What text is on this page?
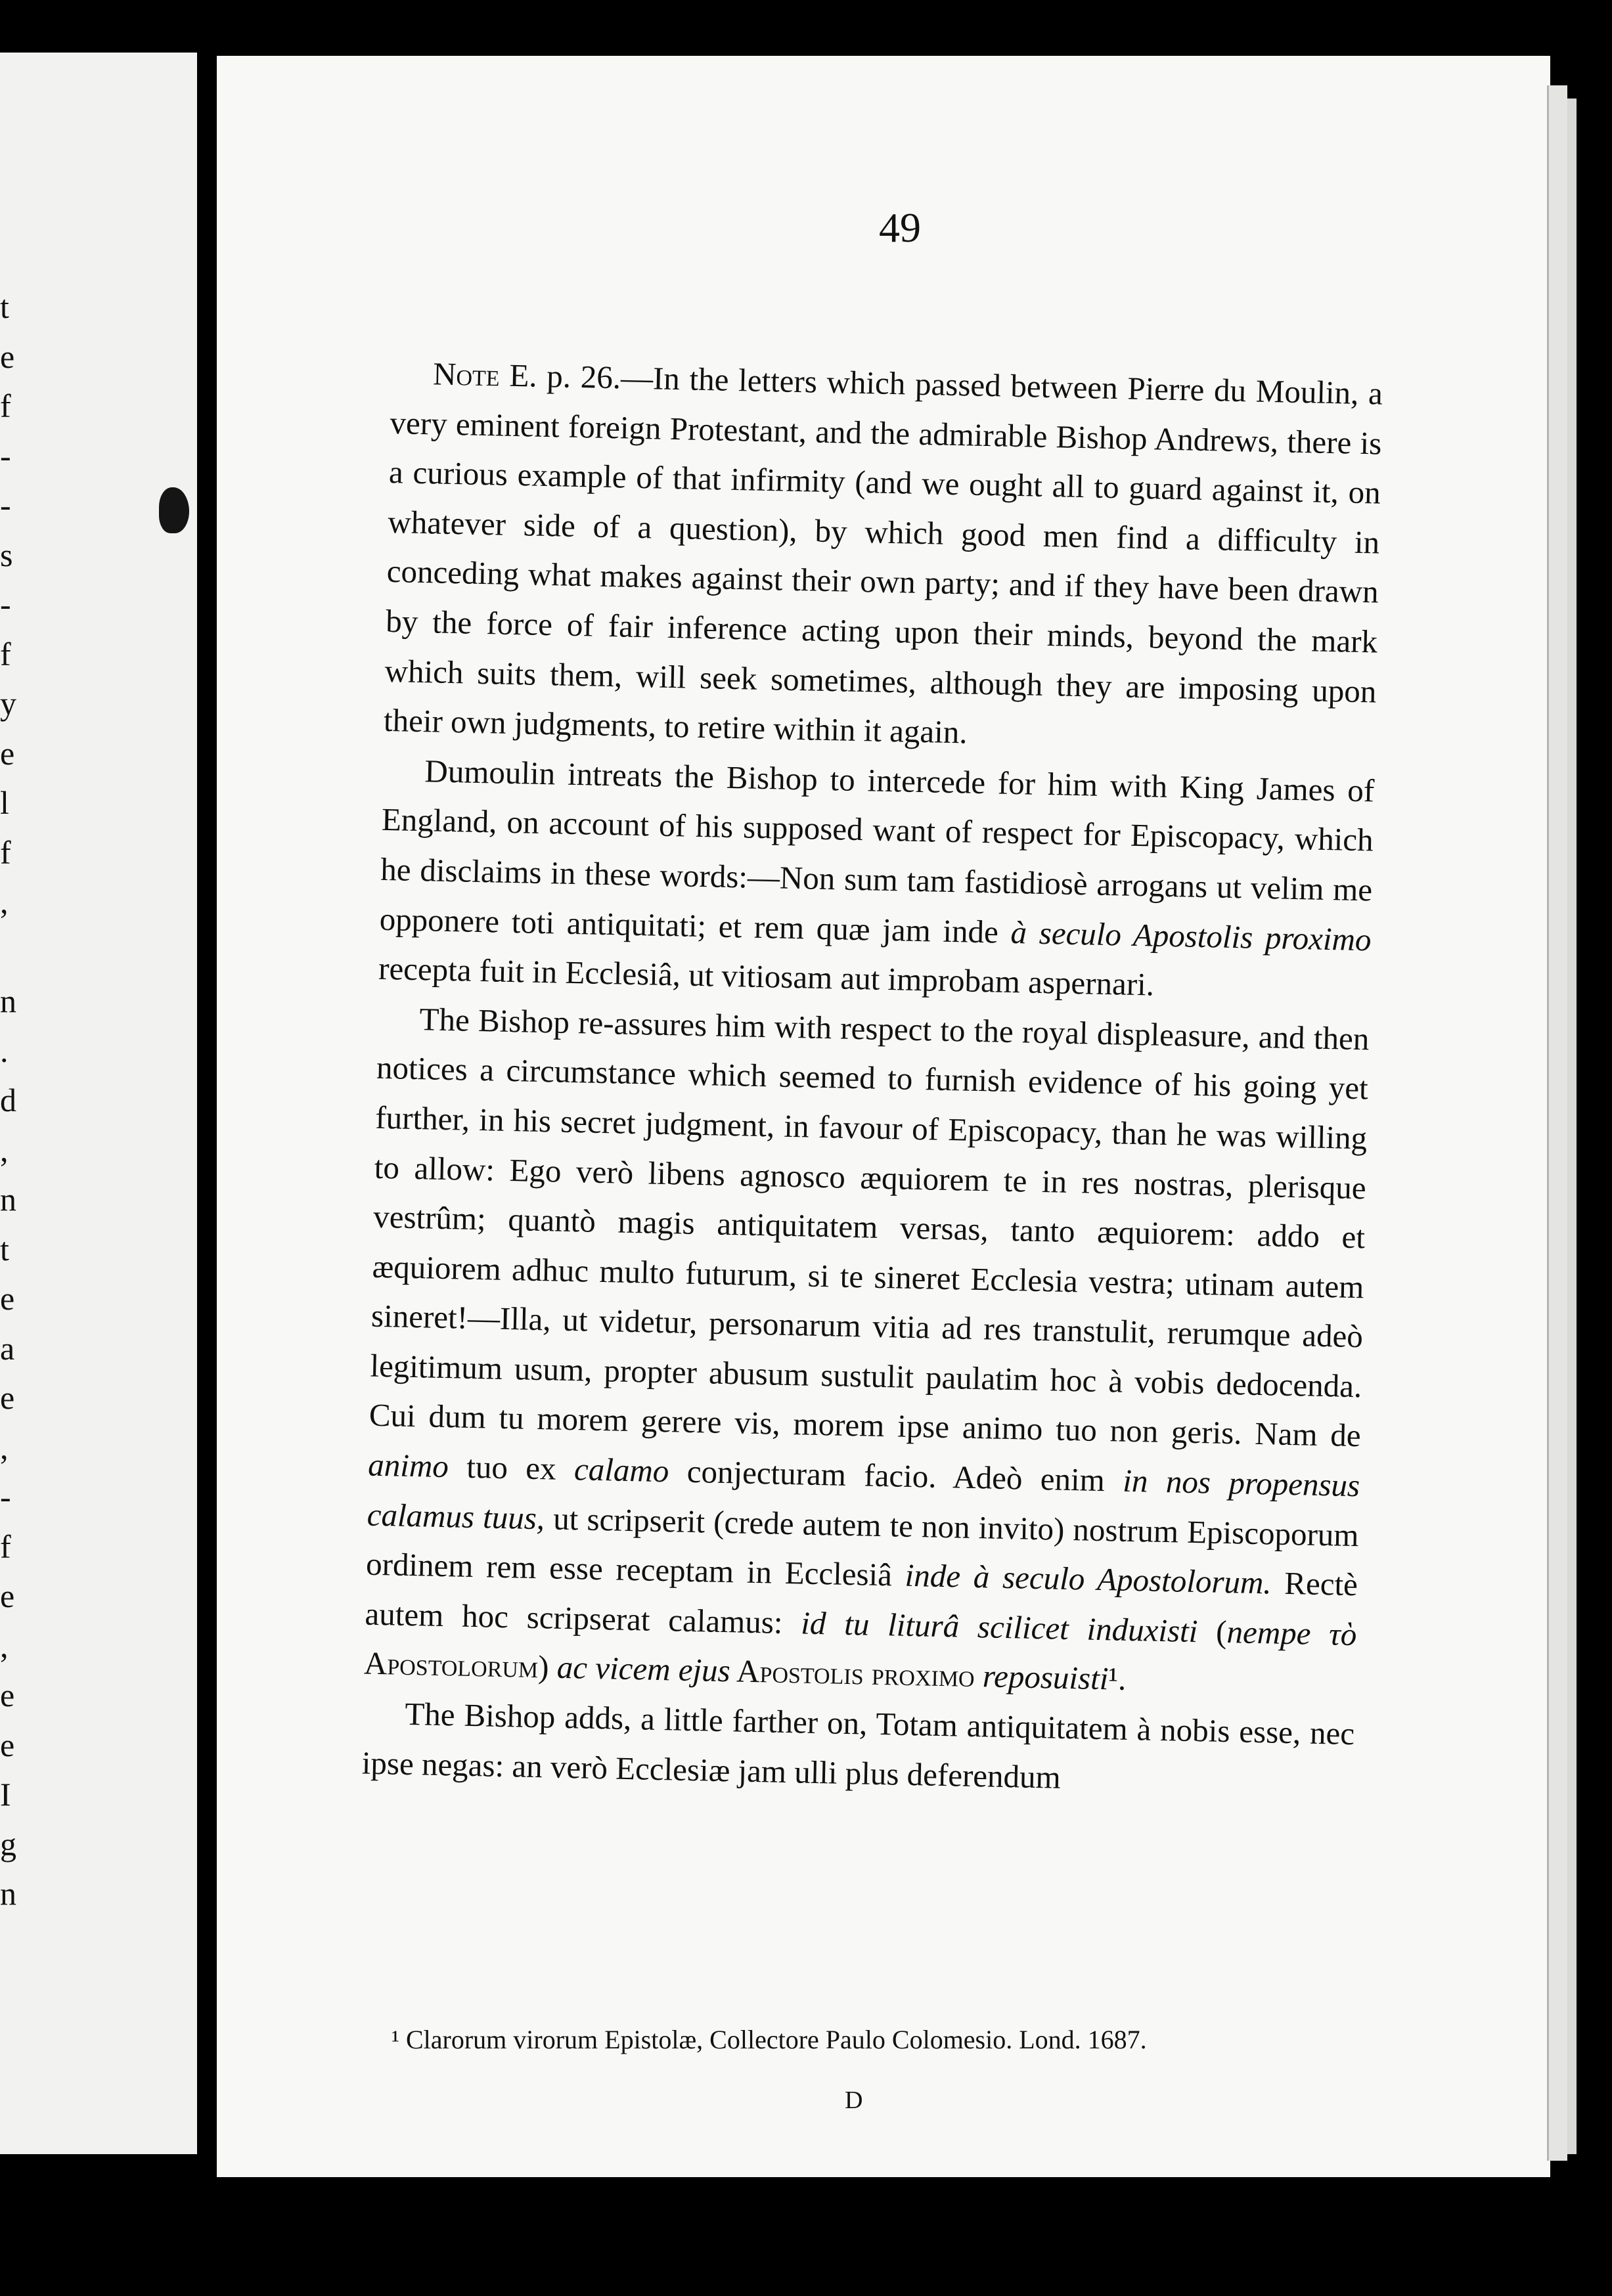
t
e
f
-
-
s
-
f
y
e
l
f
,
n
.
d
,
n
t
e
a
e
,
-
f
e
,
e
e
I
g
n
49

Note E. p. 26.—In the letters which passed between Pierre du Moulin, a very eminent foreign Protestant, and the admirable Bishop Andrews, there is a curious example of that infirmity (and we ought all to guard against it, on whatever side of a question), by which good men find a difficulty in conceding what makes against their own party; and if they have been drawn by the force of fair inference acting upon their minds, beyond the mark which suits them, will seek sometimes, although they are imposing upon their own judgments, to retire within it again.

Dumoulin intreats the Bishop to intercede for him with King James of England, on account of his supposed want of respect for Episcopacy, which he disclaims in these words:—Non sum tam fastidiosè arrogans ut velim me opponere toti antiquitati; et rem quæ jam inde à seculo Apostolis proximo recepta fuit in Ecclesiâ, ut vitiosam aut improbam aspernari.

The Bishop re-assures him with respect to the royal displeasure, and then notices a circumstance which seemed to furnish evidence of his going yet further, in his secret judgment, in favour of Episcopacy, than he was willing to allow: Ego verò libens agnosco æquiorem te in res nostras, plerisque vestrûm; quantò magis antiquitatem versas, tanto æquiorem: addo et æquiorem adhuc multo futurum, si te sineret Ecclesia vestra; utinam autem sineret!—Illa, ut videtur, personarum vitia ad res transtulit, rerumque adeò legitimum usum, propter abusum sustulit paulatim hoc à vobis dedocenda. Cui dum tu morem gerere vis, morem ipse animo tuo non geris. Nam de animo tuo ex calamo conjecturam facio. Adeò enim in nos propensus calamus tuus, ut scripserit (crede autem te non invito) nostrum Episcoporum ordinem rem esse receptam in Ecclesiâ inde à seculo Apostolorum. Rectè autem hoc scripserat calamus: id tu liturâ scilicet induxisti (nempe τὸ Apostolorum) ac vicem ejus Apostolis proximo reposuisti¹.

The Bishop adds, a little farther on, Totam antiquitatem à nobis esse, nec ipse negas: an verò Ecclesiæ jam ulli plus deferendum

¹ Clarorum virorum Epistolæ, Collectore Paulo Colomesio. Lond. 1687.
D
